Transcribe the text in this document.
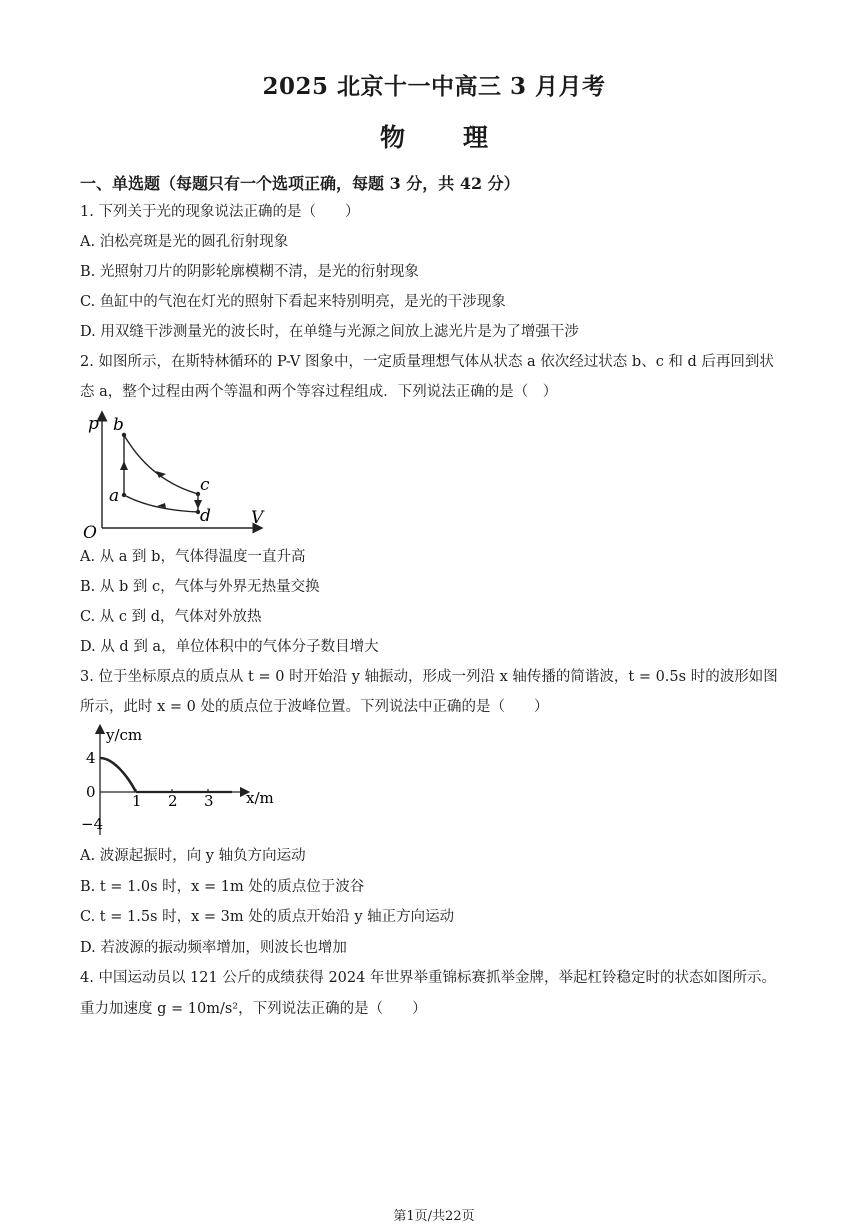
2025 北京十一中高三 3 月月考
物理
一、单选题（每题只有一个选项正确，每题 3 分，共 42 分）
1. 下列关于光的现象说法正确的是（　　）
A. 泊松亮斑是光的圆孔衍射现象
B. 光照射刀片的阴影轮廓模糊不清，是光的衍射现象
C. 鱼缸中的气泡在灯光的照射下看起来特别明亮，是光的干涉现象
D. 用双缝干涉测量光的波长时，在单缝与光源之间放上滤光片是为了增强干涉
2. 如图所示，在斯特林循环的 P-V 图象中，一定质量理想气体从状态 a 依次经过状态 b、c 和 d 后再回到状
态 a，整个过程由两个等温和两个等容过程组成．下列说法正确的是（　）
p b
a
c
d V
O
A. 从 a 到 b，气体得温度一直升高
B. 从 b 到 c，气体与外界无热量交换
C. 从 c 到 d，气体对外放热
D. 从 d 到 a，单位体积中的气体分子数目增大
3. 位于坐标原点的质点从 t = 0 时开始沿 y 轴振动，形成一列沿 x 轴传播的简谐波，t = 0.5s 时的波形如图
所示，此时 x = 0 处的质点位于波峰位置。下列说法中正确的是（　　）
y/cm
4
0
−4
1 2 3 x/m
A. 波源起振时，向 y 轴负方向运动
B. t = 1.0s 时，x = 1m 处的质点位于波谷
C. t = 1.5s 时，x = 3m 处的质点开始沿 y 轴正方向运动
D. 若波源的振动频率增加，则波长也增加
4. 中国运动员以 121 公斤的成绩获得 2024 年世界举重锦标赛抓举金牌，举起杠铃稳定时的状态如图所示。
重力加速度 g = 10m/s²，下列说法正确的是（　　）
第1页/共22页
